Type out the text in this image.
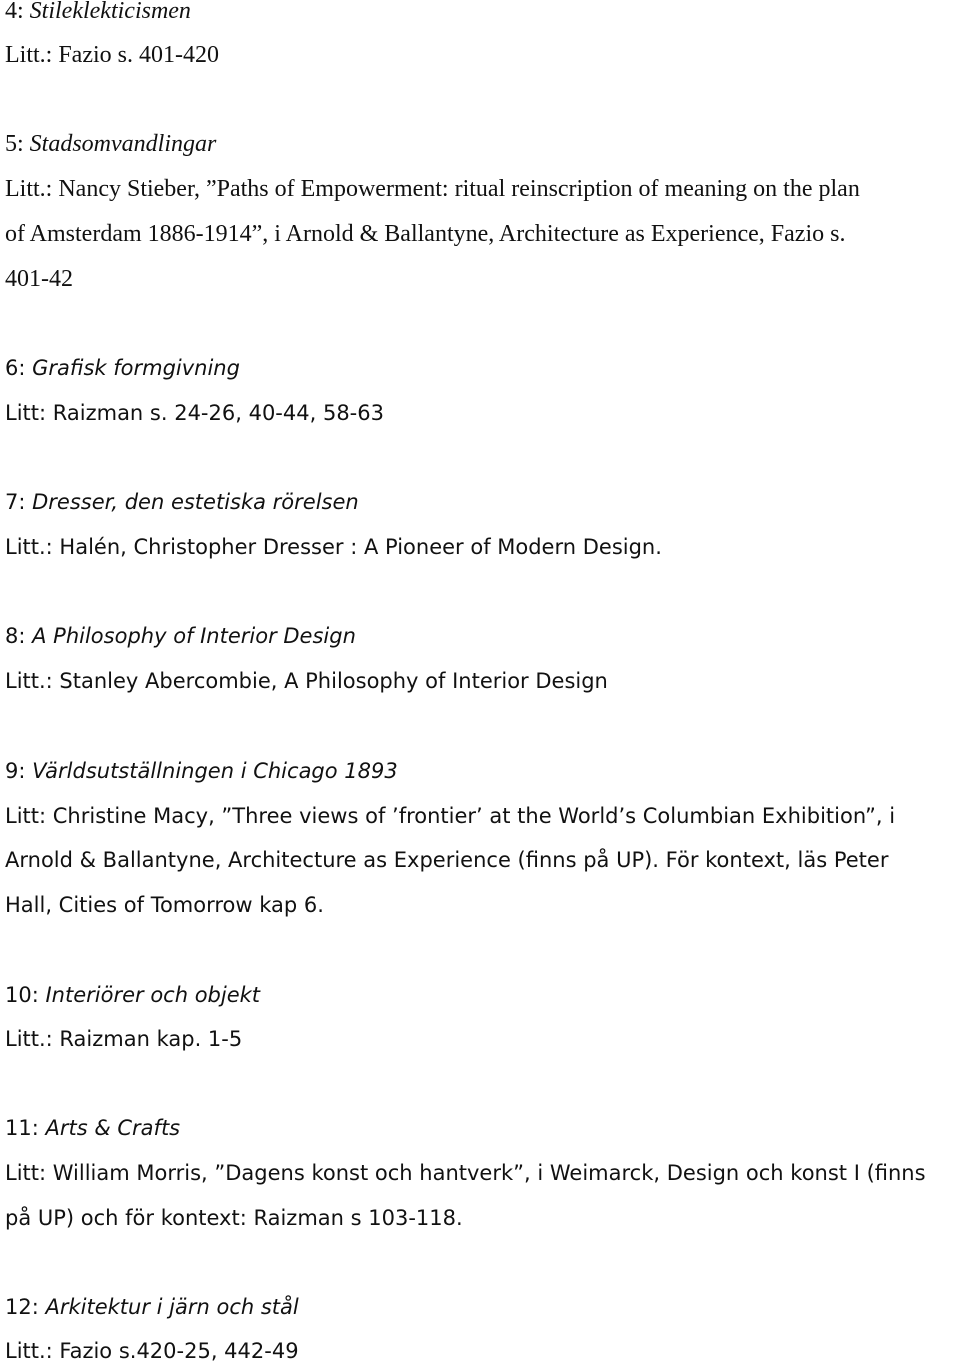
4: Stileklekticismen
Litt.: Fazio s. 401-420
5: Stadsomvandlingar
Litt.: Nancy Stieber, ”Paths of Empowerment: ritual reinscription of meaning on the plan
of Amsterdam 1886-1914”, i Arnold & Ballantyne, Architecture as Experience, Fazio s.
401-42
6: Grafisk formgivning
Litt: Raizman s. 24-26, 40-44, 58-63
7: Dresser, den estetiska rörelsen
Litt.: Halén, Christopher Dresser : A Pioneer of Modern Design.
8: A Philosophy of Interior Design
Litt.: Stanley Abercombie, A Philosophy of Interior Design
9: Världsutställningen i Chicago 1893
Litt: Christine Macy, ”Three views of ’frontier’ at the World’s Columbian Exhibition”, i
Arnold & Ballantyne, Architecture as Experience (finns på UP). För kontext, läs Peter
Hall, Cities of Tomorrow kap 6.
10: Interiörer och objekt
Litt.: Raizman kap. 1-5
11: Arts & Crafts
Litt: William Morris, ”Dagens konst och hantverk”, i Weimarck, Design och konst I (finns
på UP) och för kontext: Raizman s 103-118.
12: Arkitektur i järn och stål
Litt.: Fazio s.420-25, 442-49
